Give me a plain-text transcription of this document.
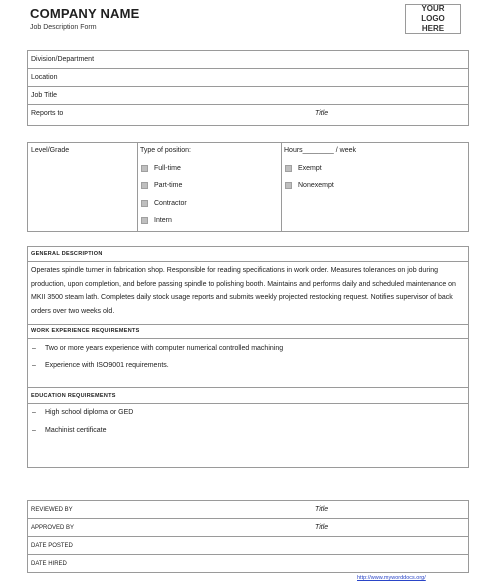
COMPANY NAME
Job Description Form
YOUR LOGO HERE
Division/Department
Location
Job Title
Reports to	Title
Level/Grade	Type of position:
Full-time
Part-time
Contractor
Intern
Hours________ / week
Exempt
Nonexempt
GENERAL DESCRIPTION
Operates spindle turner in fabrication shop. Responsible for reading specifications in work order. Measures tolerances on job during production, upon completion, and before passing spindle to polishing booth. Maintains and performs daily and scheduled maintenance on MKII 3500 steam lath. Completes daily stock usage reports and submits weekly projected restocking request. Notifies supervisor of back orders over two weeks old.
WORK EXPERIENCE REQUIREMENTS
–	Two or more years experience with computer numerical controlled machining
–	Experience with ISO9001 requirements.
EDUCATION REQUIREMENTS
–	High school diploma or GED
–	Machinist certificate
REVIEWED BY	Title
APPROVED BY	Title
DATE POSTED
DATE HIRED
http://www.myworddocs.org/
